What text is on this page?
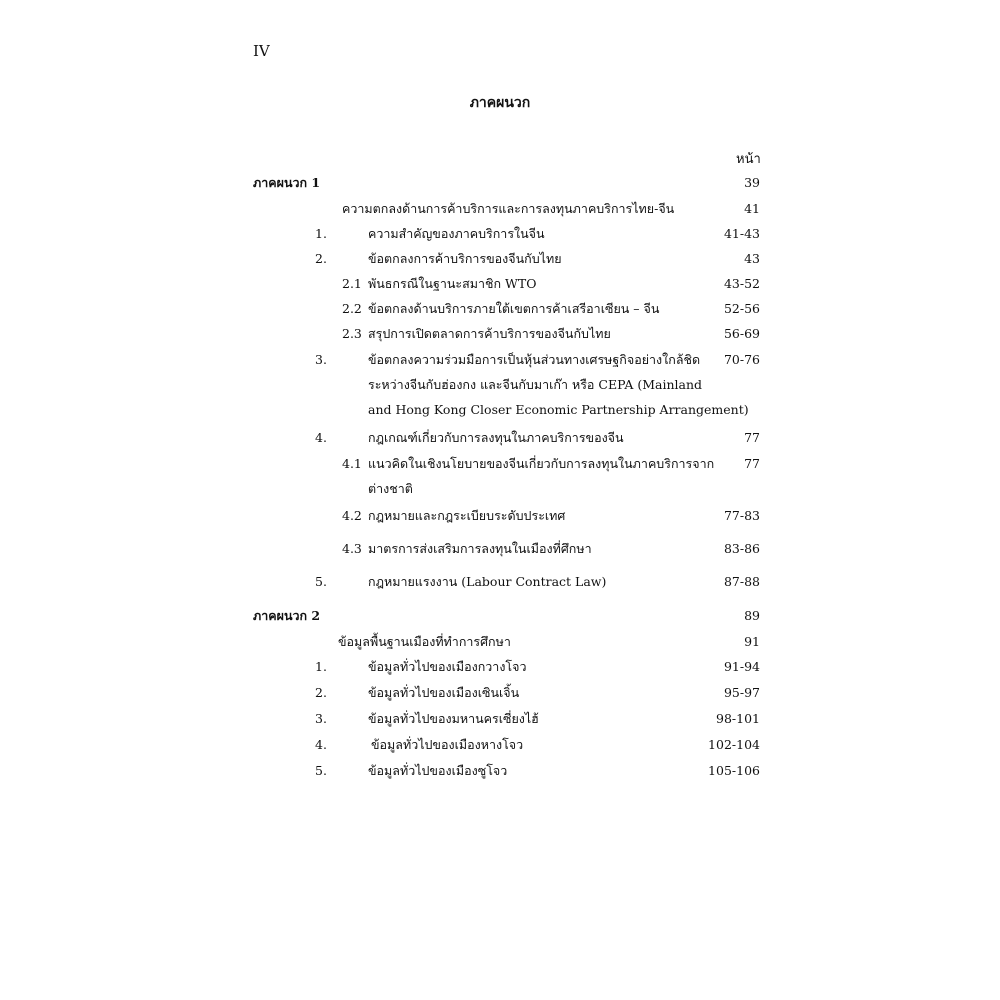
IV
ภาคผนวก
หน้า
ภาคผนวก 1	39
ความตกลงด้านการค้าบริการและการลงทุนภาคบริการไทย-จีน	41
1.	ความสำคัญของภาคบริการในจีน	41-43
2.	ข้อตกลงการค้าบริการของจีนกับไทย	43
2.1 พันธกรณีในฐานะสมาชิก WTO	43-52
2.2 ข้อตกลงด้านบริการภายใต้เขตการค้าเสรีอาเซียน – จีน	52-56
2.3 สรุปการเปิดตลาดการค้าบริการของจีนกับไทย	56-69
3.	ข้อตกลงความร่วมมือการเป็นหุ้นส่วนทางเศรษฐกิจอย่างใกล้ชิด 70-76
ระหว่างจีนกับฮ่องกง และจีนกับมาเก๊า หรือ CEPA (Mainland
and Hong Kong Closer Economic Partnership Arrangement)
4.	กฎเกณฑ์เกี่ยวกับการลงทุนในภาคบริการของจีน	77
4.1 แนวคิดในเชิงนโยบายของจีนเกี่ยวกับการลงทุนในภาคบริการจาก 77
ต่างชาติ
4.2 กฎหมายและกฎระเบียบระดับประเทศ	77-83
4.3 มาตรการส่งเสริมการลงทุนในเมืองที่ศึกษา	83-86
5.	กฎหมายแรงงาน (Labour Contract Law)	87-88
ภาคผนวก 2	89
ข้อมูลพื้นฐานเมืองที่ทำการศึกษา	91
1.	ข้อมูลทั่วไปของเมืองกวางโจว	91-94
2.	ข้อมูลทั่วไปของเมืองเซินเจิ้น	95-97
3.	ข้อมูลทั่วไปของมหานครเซี่ยงไฮ้	98-101
4.	ข้อมูลทั่วไปของเมืองหางโจว	102-104
5.	ข้อมูลทั่วไปของเมืองซูโจว	105-106
